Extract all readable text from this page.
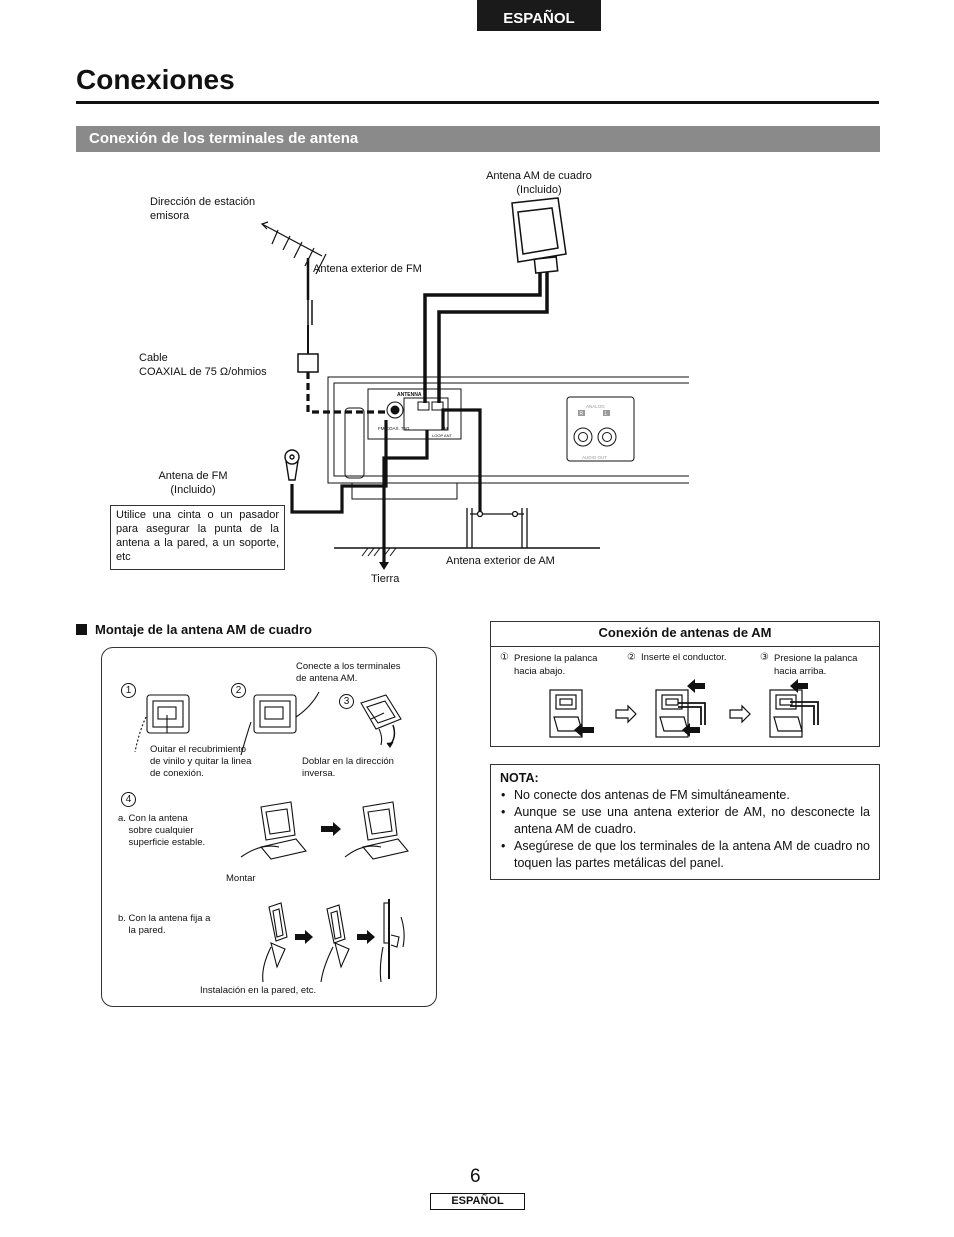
ESPAÑOL
Conexiones
Conexión de los terminales de antena
ANTENNA
FM COAX. 75Ω	AM
LOOP ANT.
ANALOG
R	L
AUDIO OUT
Dirección de estación
emisora
Antena exterior de FM
Antena AM de cuadro
(Incluido)
Cable
COAXIAL de 75 Ω/ohmios
Antena de FM
(Incluido)
Utilice una cinta o un pasador para asegurar la punta de la antena a la pared, a un soporte, etc
Tierra
Antena exterior de AM
Montaje de la antena AM de cuadro
1	2
3
4
Conecte a los terminales
de antena AM.
Ouitar el recubrimiento
de vinilo y quitar la linea
de conexión.
Doblar en la dirección
inversa.
a. Con la antena
sobre cualquier
superficie estable.
Montar
b. Con la antena fija a
la pared.
Instalación en la pared, etc.
Conexión de antenas de AM
① Presione la palanca
hacia abajo.
② Inserte el conductor.	③ Presione la palanca
hacia arriba.
NOTA:
• No conecte dos antenas de FM simultáneamente.
• Aunque se use una antena exterior de AM, no desconecte la antena AM de cuadro.
• Asegúrese de que los terminales de la antena AM de cuadro no toquen las partes metálicas del panel.
6
ESPAÑOL
